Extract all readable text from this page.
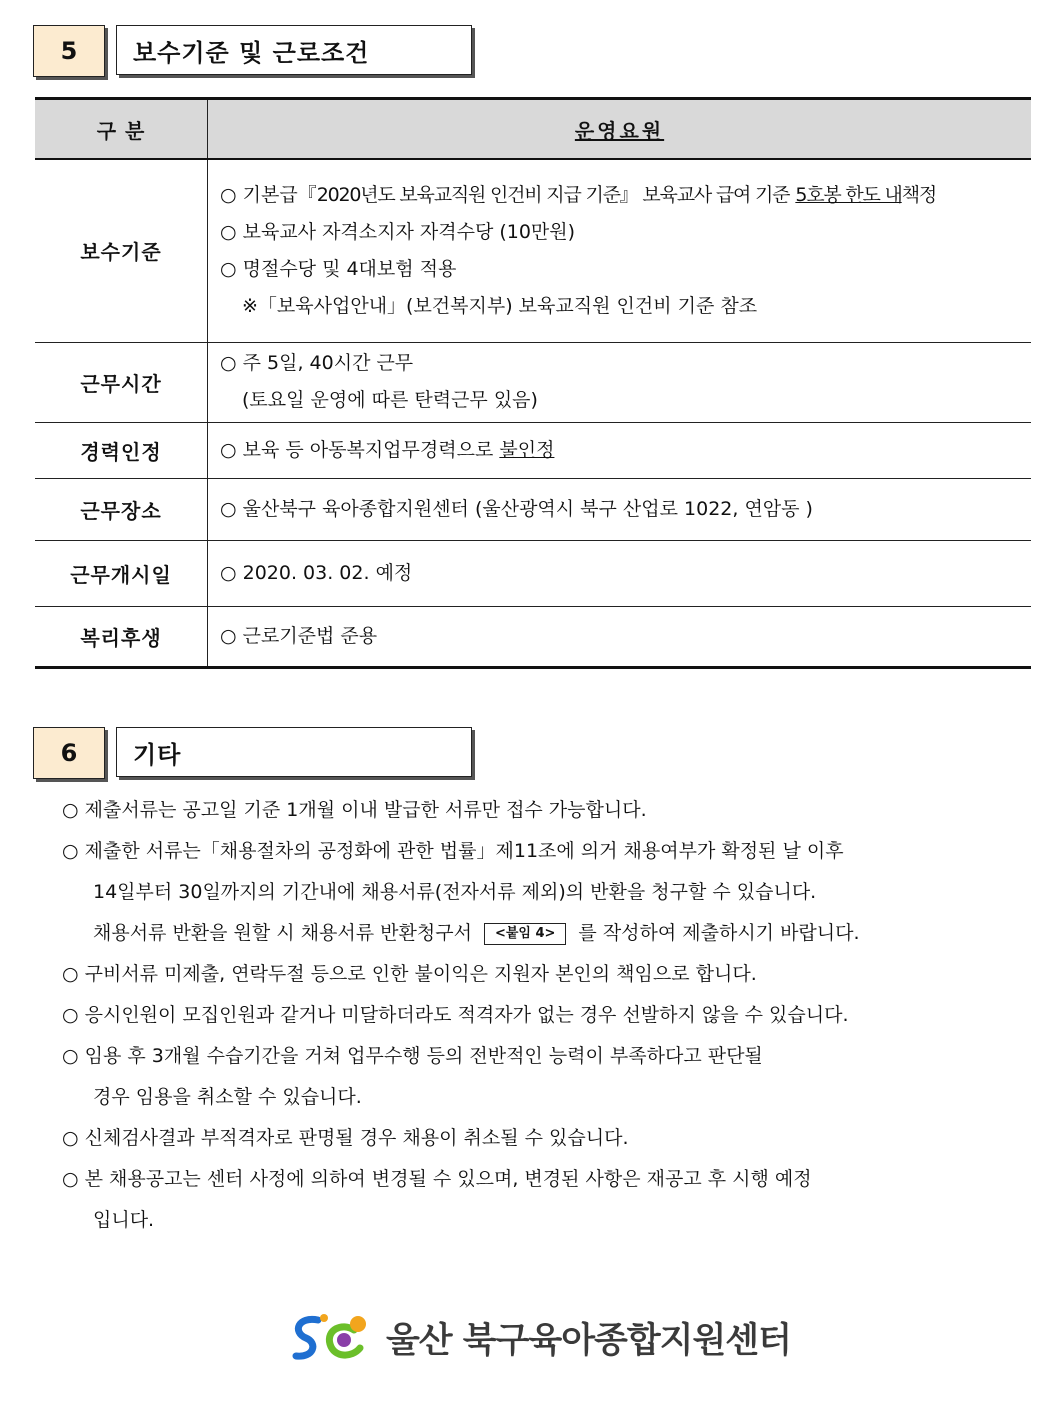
5	보수기준 및 근로조건
구 분	운영요원
보수기준	○ 기본급『2020년도 보육교직원 인건비 지급 기준』 보육교사 급여 기준 5호봉 한도 내책정
○ 보육교사 자격소지자 자격수당 (10만원)
○ 명절수당 및 4대보험 적용
※「보육사업안내」(보건복지부) 보육교직원 인건비 기준 참조

근무시간	○ 주 5일, 40시간 근무
(토요일 운영에 따른 탄력근무 있음)

경력인정	○ 보육 등 아동복지업무경력으로 불인정
근무장소	○ 울산북구 육아종합지원센터 (울산광역시 북구 산업로 1022, 연암동 )
근무개시일	○ 2020. 03. 02. 예정
복리후생	○ 근로기준법 준용
6	기타
○ 제출서류는 공고일 기준 1개월 이내 발급한 서류만 접수 가능합니다.
○ 제출한 서류는「채용절차의 공정화에 관한 법률」제11조에 의거 채용여부가 확정된 날 이후
14일부터 30일까지의 기간내에 채용서류(전자서류 제외)의 반환을 청구할 수 있습니다.
채용서류 반환을 원할 시 채용서류 반환청구서 <붙임 4> 를 작성하여 제출하시기 바랍니다.
○ 구비서류 미제출, 연락두절 등으로 인한 불이익은 지원자 본인의 책임으로 합니다.
○ 응시인원이 모집인원과 같거나 미달하더라도 적격자가 없는 경우 선발하지 않을 수 있습니다.
○ 임용 후 3개월 수습기간을 거쳐 업무수행 등의 전반적인 능력이 부족하다고 판단될
경우 임용을 취소할 수 있습니다.
○ 신체검사결과 부적격자로 판명될 경우 채용이 취소될 수 있습니다.
○ 본 채용공고는 센터 사정에 의하여 변경될 수 있으며, 변경된 사항은 재공고 후 시행 예정
입니다.
울산 북구육아종합지원센터
